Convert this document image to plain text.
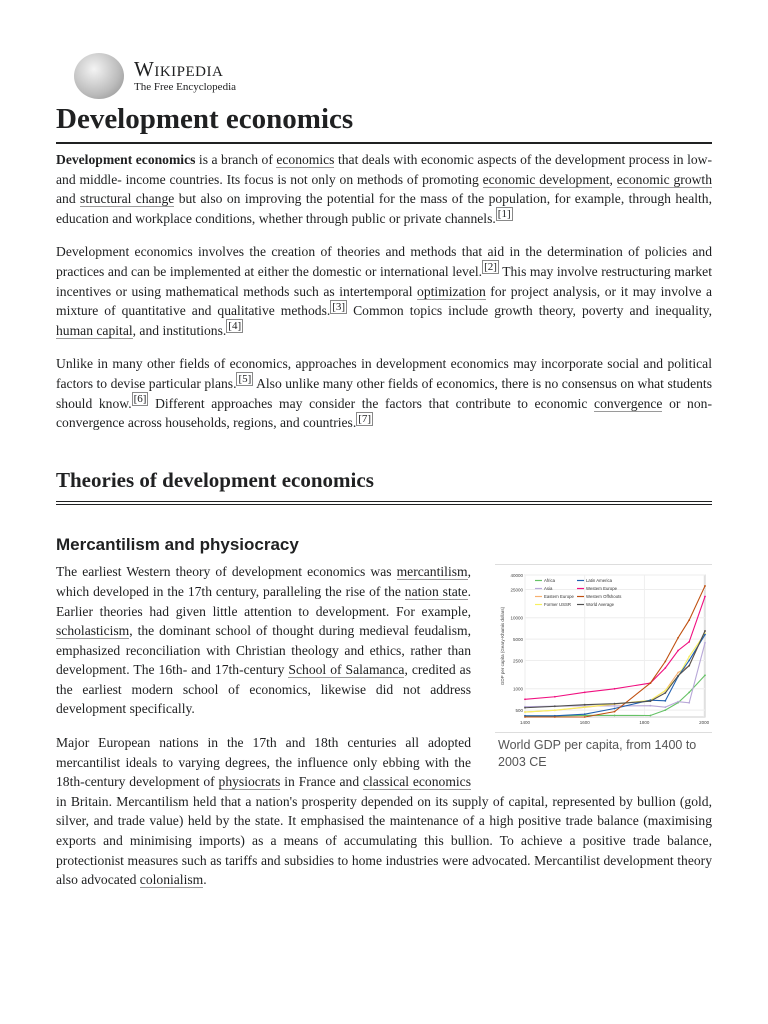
Wikipedia
The Free Encyclopedia
Development economics

Development economics is a branch of economics that deals with economic aspects of the development process in low- and middle- income countries. Its focus is not only on methods of promoting economic development, economic growth and structural change but also on improving the potential for the mass of the population, for example, through health, education and workplace conditions, whether through public or private channels. [1]

Development economics involves the creation of theories and methods that aid in the determination of policies and practices and can be implemented at either the domestic or international level. [2] This may involve restructuring market incentives or using mathematical methods such as intertemporal optimization for project analysis, or it may involve a mixture of quantitative and qualitative methods. [3] Common topics include growth theory, poverty and inequality, human capital, and institutions. [4]

Unlike in many other fields of economics, approaches in development economics may incorporate social and political factors to devise particular plans. [5] Also unlike many other fields of economics, there is no consensus on what students should know. [6] Different approaches may consider the factors that contribute to economic convergence or non-convergence across households, regions, and countries. [7]

Theories of development economics
Mercantilism and physiocracy
500
1000
2500
5000
10000
25000
40000
1400	1600	1800	2000
GDP per capita (Geary-Khamis dollars)
Africa
Asia
Eastern Europe
Former USSR
Latin America
Western Europe
Western Offshoots
World Average
World GDP per capita, from 1400 to 2003 CE

The earliest Western theory of development economics was mercantilism, which developed in the 17th century, paralleling the rise of the nation state. Earlier theories had given little attention to development. For example, scholasticism, the dominant school of thought during medieval feudalism, emphasized reconciliation with Christian theology and ethics, rather than development. The 16th- and 17th-century School of Salamanca, credited as the earliest modern school of economics, likewise did not address development specifically.

Major European nations in the 17th and 18th centuries all adopted mercantilist ideals to varying degrees, the influence only ebbing with the 18th-century development of physiocrats in France and classical economics in Britain. Mercantilism held that a nation's prosperity depended on its supply of capital, represented by bullion (gold, silver, and trade value) held by the state. It emphasised the maintenance of a high positive trade balance (maximising exports and minimising imports) as a means of accumulating this bullion. To achieve a positive trade balance, protectionist measures such as tariffs and subsidies to home industries were advocated. Mercantilist development theory also advocated colonialism.
